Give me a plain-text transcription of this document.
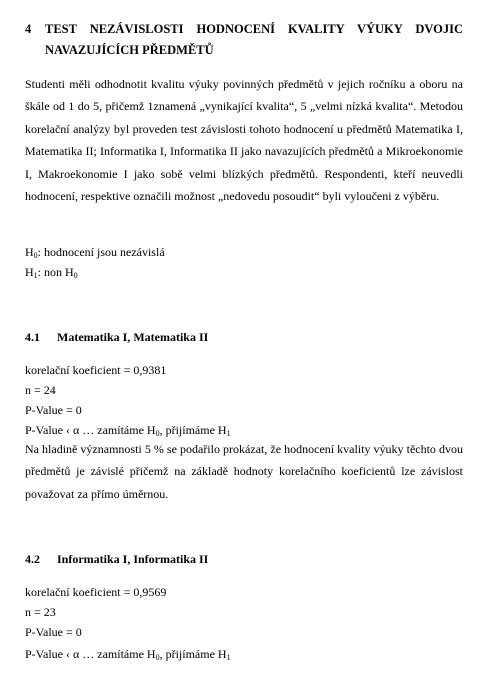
4	TEST NEZÁVISLOSTI HODNOCENÍ KVALITY VÝUKY DVOJIC NAVAZUJÍCÍCH PŘEDMĚTŮ

Studenti měli odhodnotit kvalitu výuky povinných předmětů v jejich ročníku a oboru na škále od 1 do 5, přičemž 1znamená „vynikající kvalita“, 5 „velmi nízká kvalita“. Metodou korelační analýzy byl proveden test závislosti tohoto hodnocení u předmětů Matematika I, Matematika II; Informatika I, Informatika II jako navazujících předmětů a Mikroekonomie I, Makroekonomie I jako sobě velmi blízkých předmětů. Respondenti, kteří neuvedli hodnocení, respektive označili možnost „nedovedu posoudit“ byli vyloučeni z výběru.

$H_0$: hodnocení jsou nezávislá
$H_1$: non $H_0$
4.1	Matematika I, Matematika II
korelační koeficient = 0,9381
n = 24
P-Value = 0
P-Value ‹ α … zamítáme $H_0$, přijímáme $H_1$

Na hladině významnosti 5 % se podařilo prokázat, že hodnocení kvality výuky těchto dvou předmětů je závislé přičemž na základě hodnoty korelačního koeficientů lze závislost považovat za přímo úměrnou.

4.2	Informatika I, Informatika II
korelační koeficient = 0,9569
n = 23
P-Value = 0
P-Value ‹ α … zamítáme $H_0$, přijímáme $H_1$
